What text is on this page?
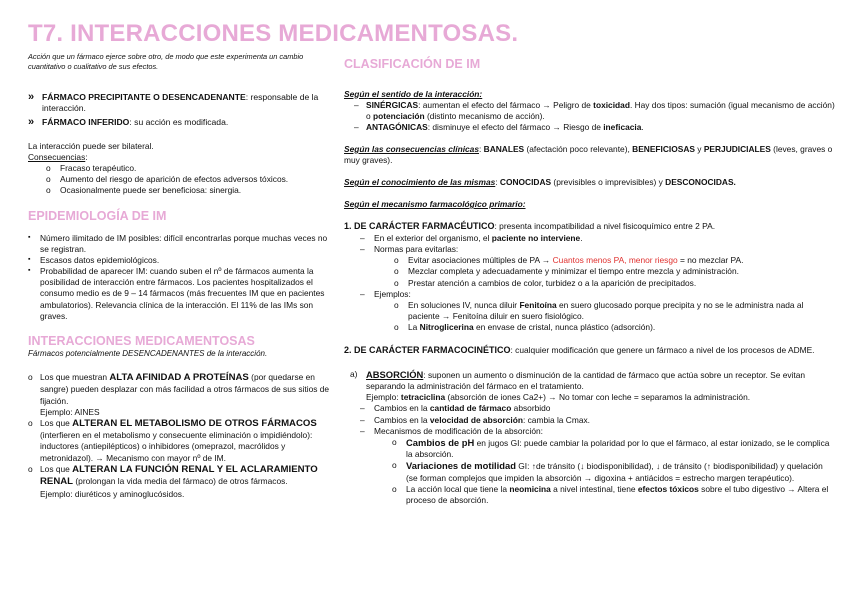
T7. INTERACCIONES MEDICAMENTOSAS.
Acción que un fármaco ejerce sobre otro, de modo que este experimenta un cambio cuantitativo o cualitativo de sus efectos.
» FÁRMACO PRECIPITANTE O DESENCADENANTE: responsable de la interacción.
» FÁRMACO INFERIDO: su acción es modificada.
La interacción puede ser bilateral.
Consecuencias:
o Fracaso terapéutico.
o Aumento del riesgo de aparición de efectos adversos tóxicos.
o Ocasionalmente puede ser beneficiosa: sinergia.
EPIDEMIOLOGÍA DE IM
▪ Número ilimitado de IM posibles: difícil encontrarlas porque muchas veces no se registran.
▪ Escasos datos epidemiológicos.
▪ Probabilidad de aparecer IM: cuando suben el nº de fármacos aumenta la posibilidad de interacción entre fármacos. Los pacientes hospitalizados el consumo medio es de 9 – 14 fármacos (más frecuentes IM que en pacientes ambulatorios). Relevancia clínica de la interacción. El 11% de las IMs son graves.
INTERACCIONES MEDICAMENTOSAS
Fármacos potencialmente DESENCADENANTES de la interacción.
o Los que muestran ALTA AFINIDAD A PROTEÍNAS (por quedarse en sangre) pueden desplazar con más facilidad a otros fármacos de sus sitios de fijación.
Ejemplo: AINES
o Los que ALTERAN EL METABOLISMO DE OTROS FÁRMACOS (interfieren en el metabolismo y consecuente eliminación o impidiéndolo): inductores (antiepilépticos) o inhibidores (omeprazol, macrólidos y metronidazol). → Mecanismo con mayor nº de IM.
o Los que ALTERAN LA FUNCIÓN RENAL Y EL ACLARAMIENTO RENAL (prolongan la vida media del fármaco) de otros fármacos.
Ejemplo: diuréticos y aminoglucósidos.
CLASIFICACIÓN DE IM
Según el sentido de la interacción:
– SINÉRGICAS: aumentan el efecto del fármaco → Peligro de toxicidad. Hay dos tipos: sumación (igual mecanismo de acción) o potenciación (distinto mecanismo de acción).
– ANTAGÓNICAS: disminuye el efecto del fármaco → Riesgo de ineficacia.
Según las consecuencias clínicas: BANALES (afectación poco relevante), BENEFICIOSAS y PERJUDICIALES (leves, graves o muy graves).
Según el conocimiento de las mismas: CONOCIDAS (previsibles o imprevisibles) y DESCONOCIDAS.
Según el mecanismo farmacológico primario:
1. DE CARÁCTER FARMACÉUTICO: presenta incompatibilidad a nivel fisicoquímico entre 2 PA.
– En el exterior del organismo, el paciente no interviene.
– Normas para evitarlas:
o Evitar asociaciones múltiples de PA → Cuantos menos PA, menor riesgo = no mezclar PA.
o Mezclar completa y adecuadamente y minimizar el tiempo entre mezcla y administración.
o Prestar atención a cambios de color, turbidez o a la aparición de precipitados.
– Ejemplos:
o En soluciones IV, nunca diluir Fenitoína en suero glucosado porque precipita y no se le administra nada al paciente → Fenitoína diluir en suero fisiológico.
o La Nitroglicerina en envase de cristal, nunca plástico (adsorción).
2. DE CARÁCTER FARMACOCINÉTICO: cualquier modificación que genere un fármaco a nivel de los procesos de ADME.
a) ABSORCIÓN: suponen un aumento o disminución de la cantidad de fármaco que actúa sobre un receptor. Se evitan separando la administración del fármaco en el tratamiento.
Ejemplo: tetraciclina (absorción de iones Ca2+) → No tomar con leche = separamos la administración.
– Cambios en la cantidad de fármaco absorbido
– Cambios en la velocidad de absorción: cambia la Cmax.
– Mecanismos de modificación de la absorción:
o Cambios de pH en jugos GI: puede cambiar la polaridad por lo que el fármaco, al estar ionizado, se le complica la absorción.
o Variaciones de motilidad GI: ↑de tránsito (↓ biodisponibilidad), ↓ de tránsito (↑ biodisponibilidad) y quelación (se forman complejos que impiden la absorción → digoxina + antiácidos = estrecho margen terapéutico).
o La acción local que tiene la neomicina a nivel intestinal, tiene efectos tóxicos sobre el tubo digestivo → Altera el proceso de absorción.
